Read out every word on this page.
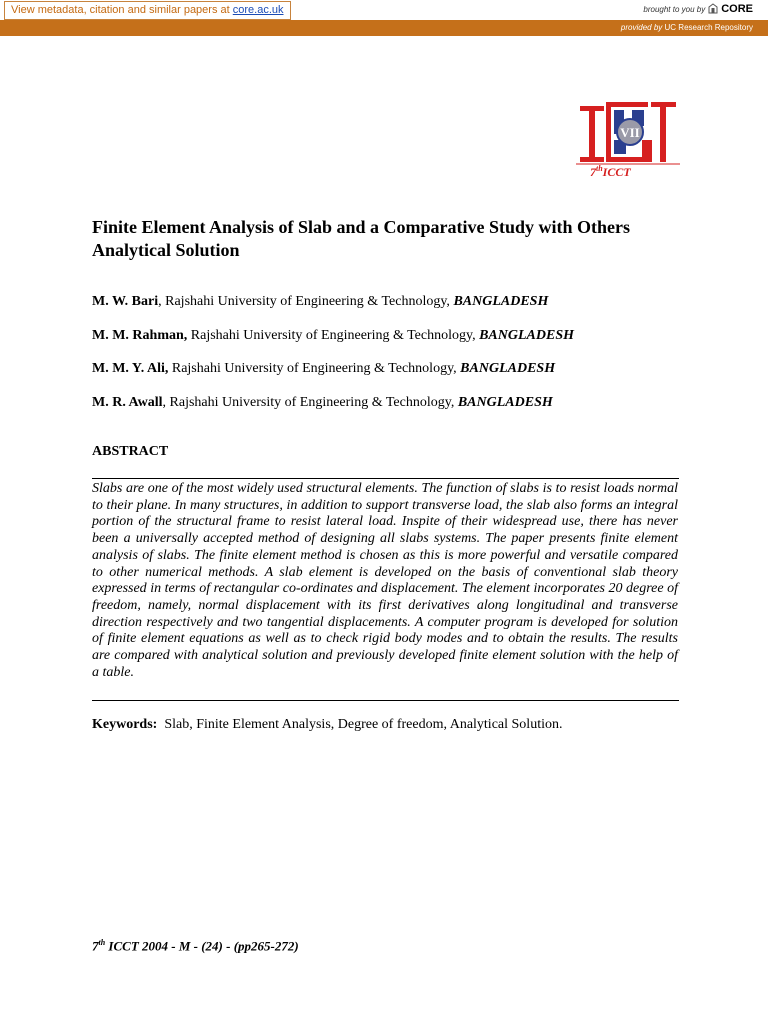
View metadata, citation and similar papers at core.ac.uk	brought to you by CORE
provided by UC Research Repository
VII
7thICCT
Finite Element Analysis of Slab and a Comparative Study with Others Analytical Solution
M. W. Bari, Rajshahi University of Engineering & Technology, BANGLADESH
M. M. Rahman, Rajshahi University of Engineering & Technology, BANGLADESH
M. M. Y. Ali, Rajshahi University of Engineering & Technology, BANGLADESH
M. R. Awall, Rajshahi University of Engineering & Technology, BANGLADESH
ABSTRACT

Slabs are one of the most widely used structural elements. The function of slabs is to resist loads normal to their plane. In many structures, in addition to support transverse load, the slab also forms an integral portion of the structural frame to resist lateral load. Inspite of their widespread use, there has never been a universally accepted method of designing all slabs systems. The paper presents finite element analysis of slabs. The finite element method is chosen as this is more powerful and versatile compared to other numerical methods. A slab element is developed on the basis of conventional slab theory expressed in terms of rectangular co-ordinates and displacement. The element incorporates 20 degree of freedom, namely, normal displacement with its first derivatives along longitudinal and transverse direction respectively and two tangential displacements. A computer program is developed for solution of finite element equations as well as to check rigid body modes and to obtain the results. The results are compared with analytical solution and previously developed finite element solution with the help of a table.

Keywords: Slab, Finite Element Analysis, Degree of freedom, Analytical Solution.

7th ICCT 2004 - M - (24) - (pp265-272)
